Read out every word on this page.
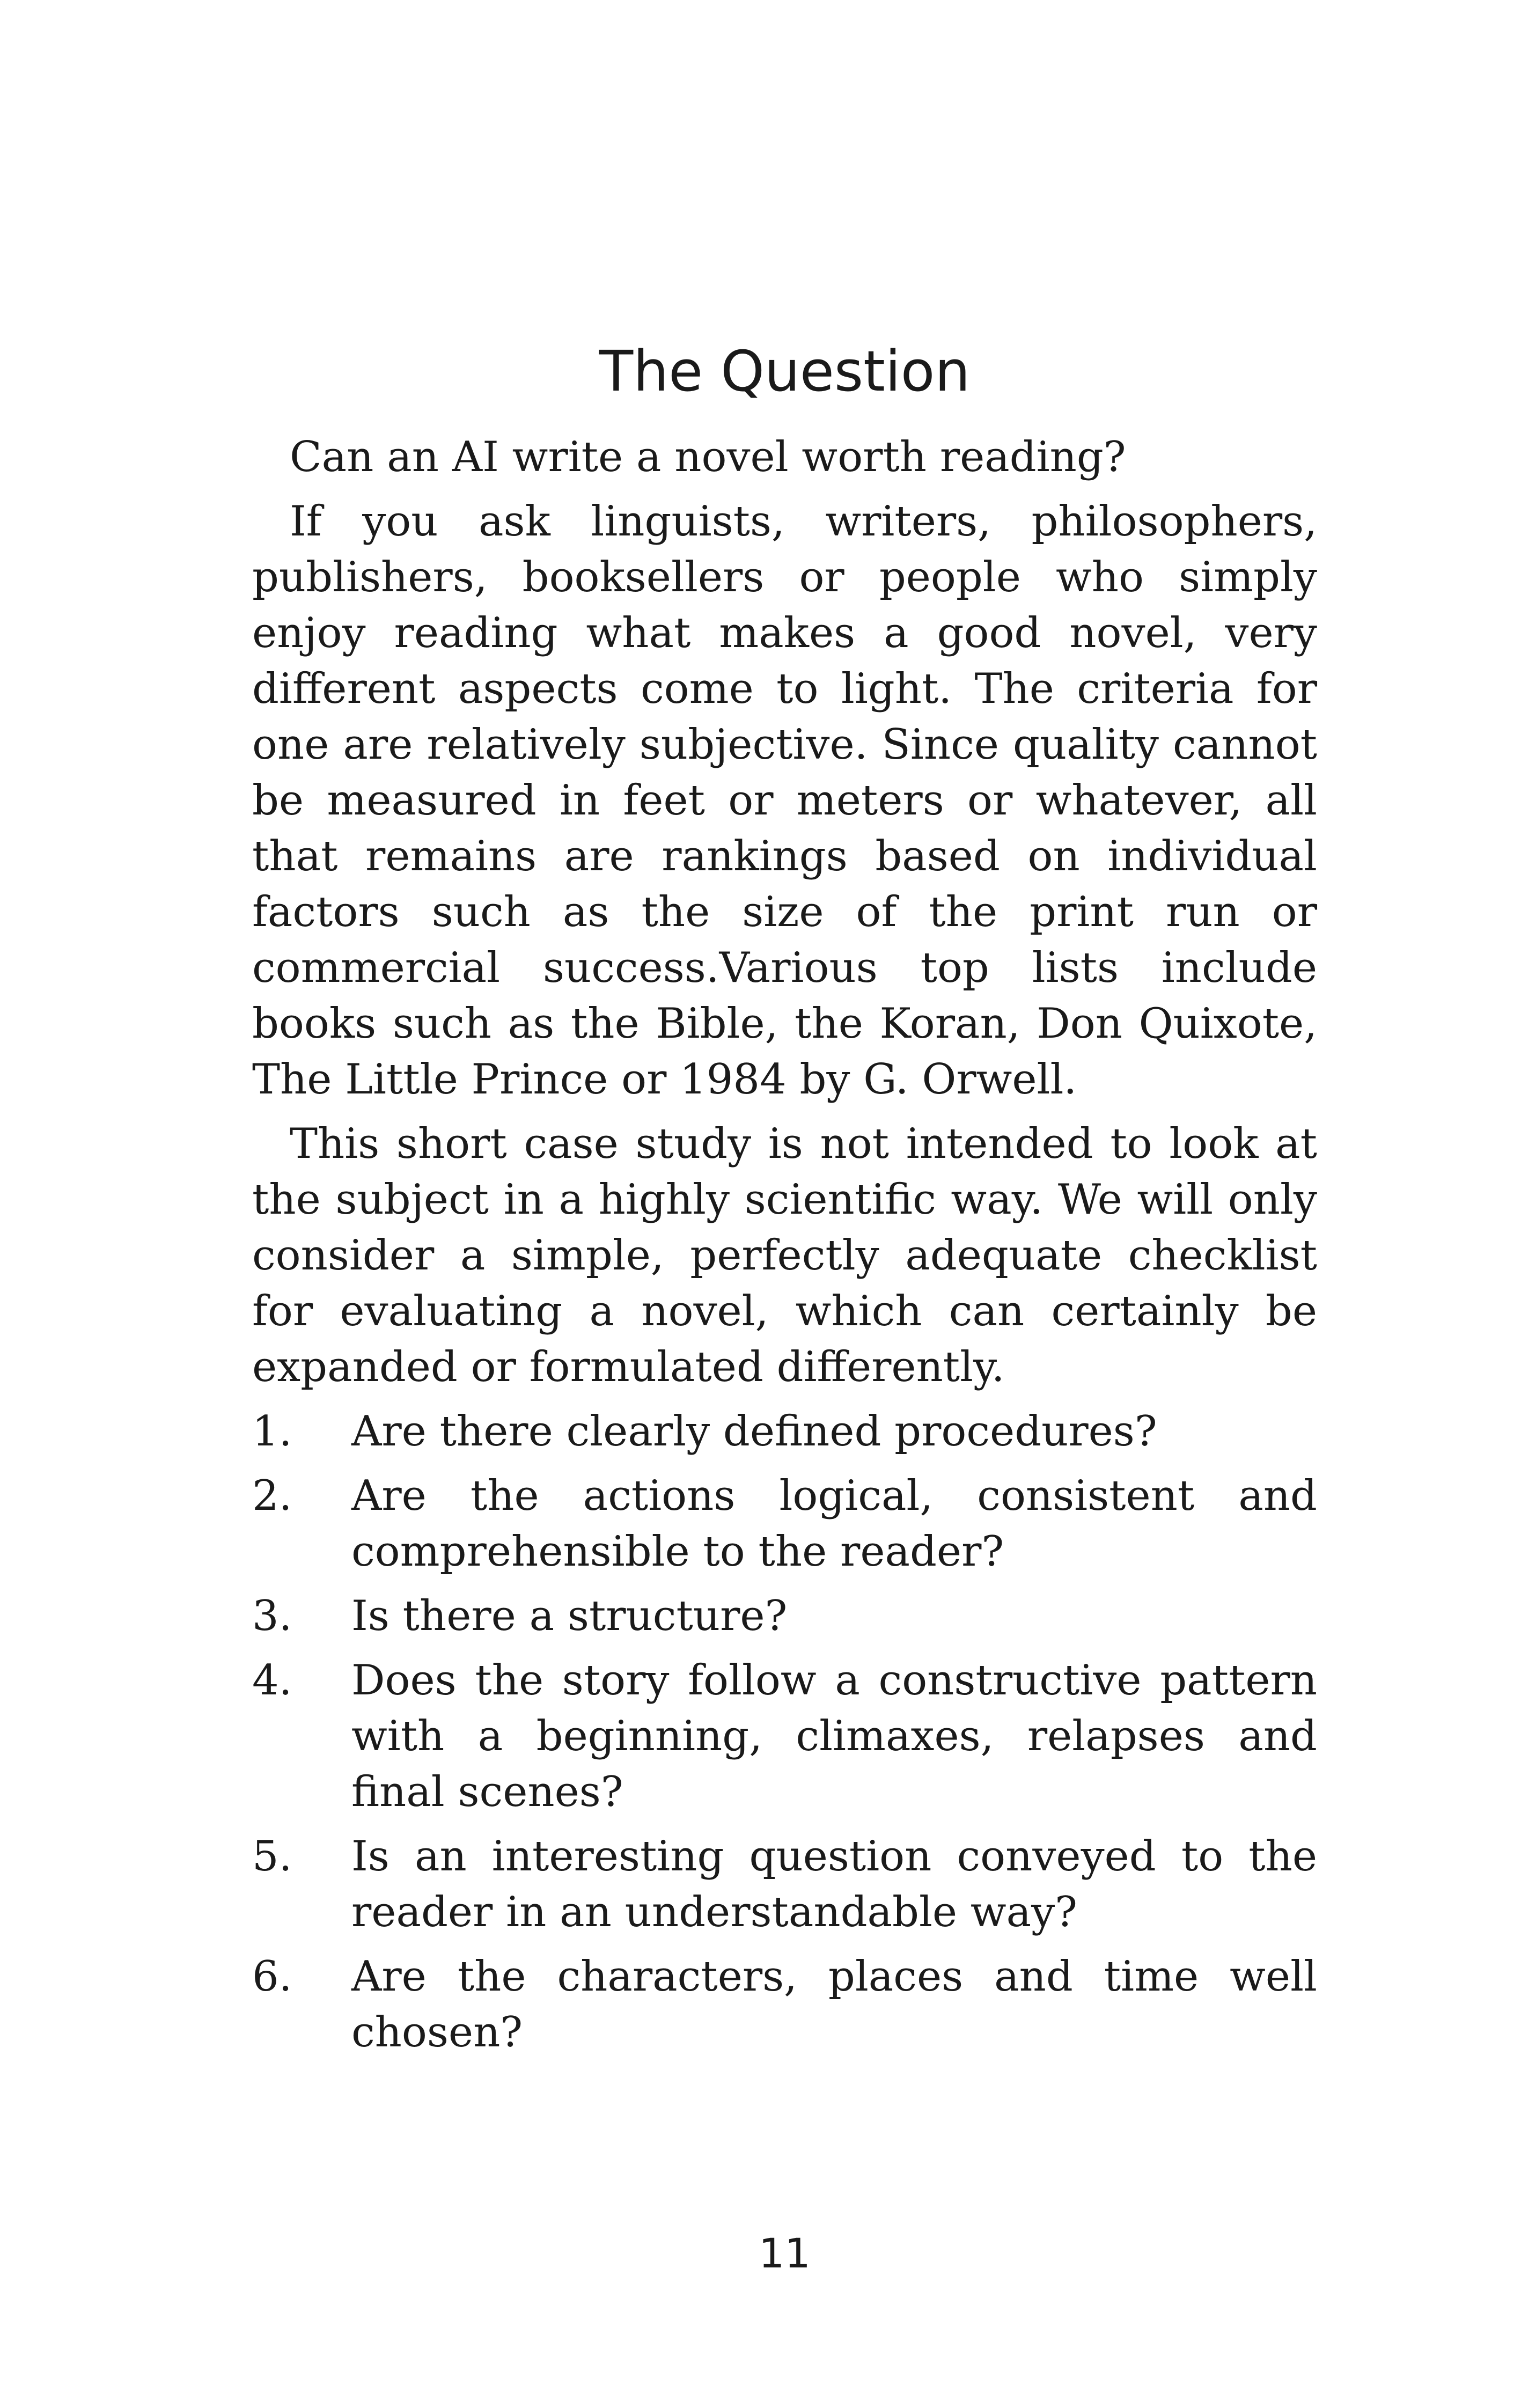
The Question

Can an AI write a novel worth reading?

If you ask linguists, writers, philosophers, publishers, booksellers or people who simply enjoy reading what makes a good novel, very different aspects come to light. The criteria for one are relatively subjective. Since quality cannot be measured in feet or meters or whatever, all that remains are rankings based on individual factors such as the size of the print run or commercial success.Various top lists include books such as the Bible, the Koran, Don Quixote, The Little Prince or 1984 by G. Orwell.

This short case study is not intended to look at the subject in a highly scientific way. We will only consider a simple, perfectly adequate checklist for evaluating a novel, which can certainly be expanded or formulated differently.

1.	Are there clearly defined procedures?
2.	Are the actions logical, consistent and comprehensible to the reader?
3.	Is there a structure?
4.	Does the story follow a constructive pattern with a beginning, climaxes, relapses and final scenes?
5.	Is an interesting question conveyed to the reader in an understandable way?
6.	Are the characters, places and time well chosen?
11
